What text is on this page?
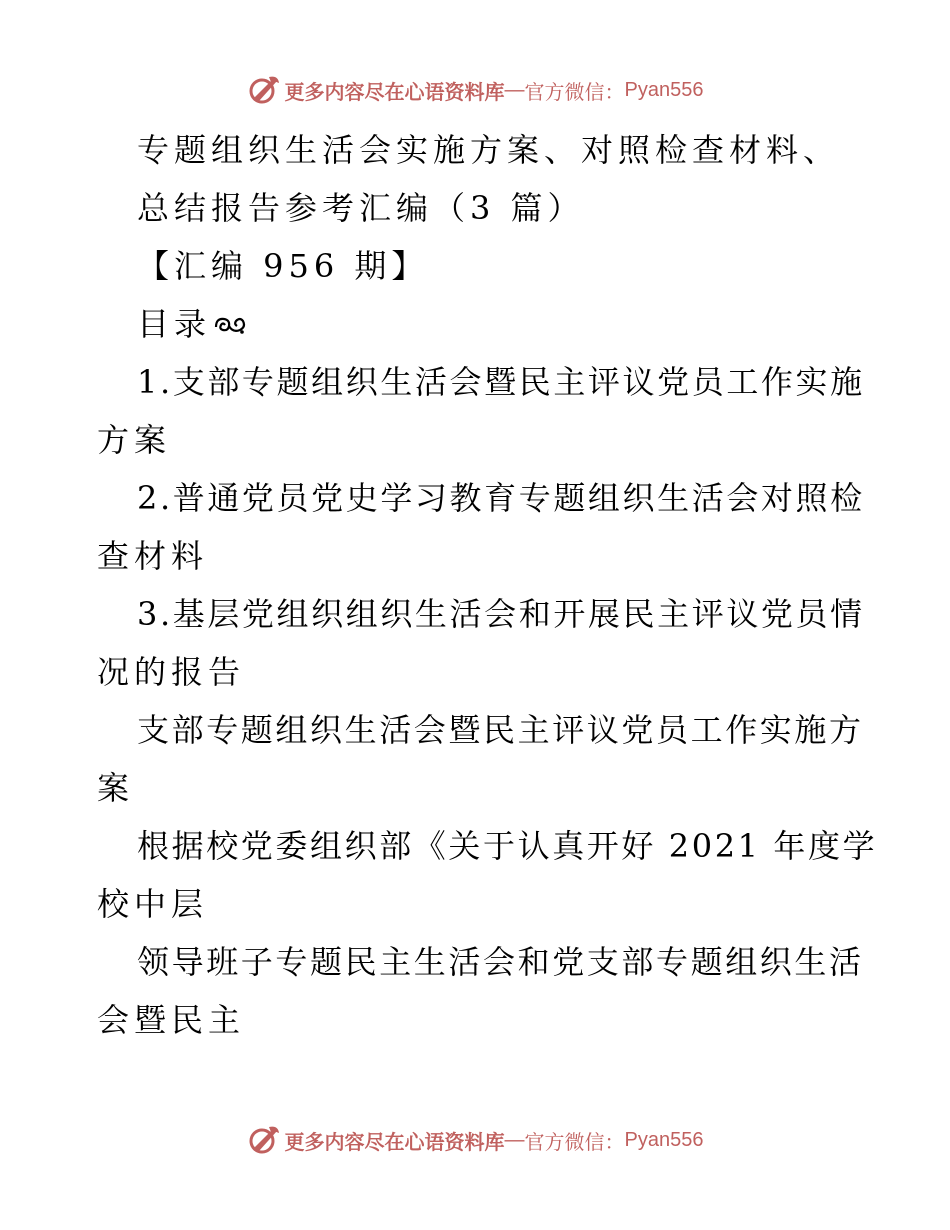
更多内容尽在心语资料库 — 官方微信： Pyan556
专题组织生活会实施方案、对照检查材料、
总结报告参考汇编（3 篇）
【汇编 956 期】
目录
1.支部专题组织生活会暨民主评议党员工作实施
方案
2.普通党员党史学习教育专题组织生活会对照检
查材料
3.基层党组织组织生活会和开展民主评议党员情
况的报告
支部专题组织生活会暨民主评议党员工作实施方
案
根据校党委组织部《关于认真开好 2021 年度学
校中层
领导班子专题民主生活会和党支部专题组织生活
会暨民主
更多内容尽在心语资料库 — 官方微信： Pyan556
